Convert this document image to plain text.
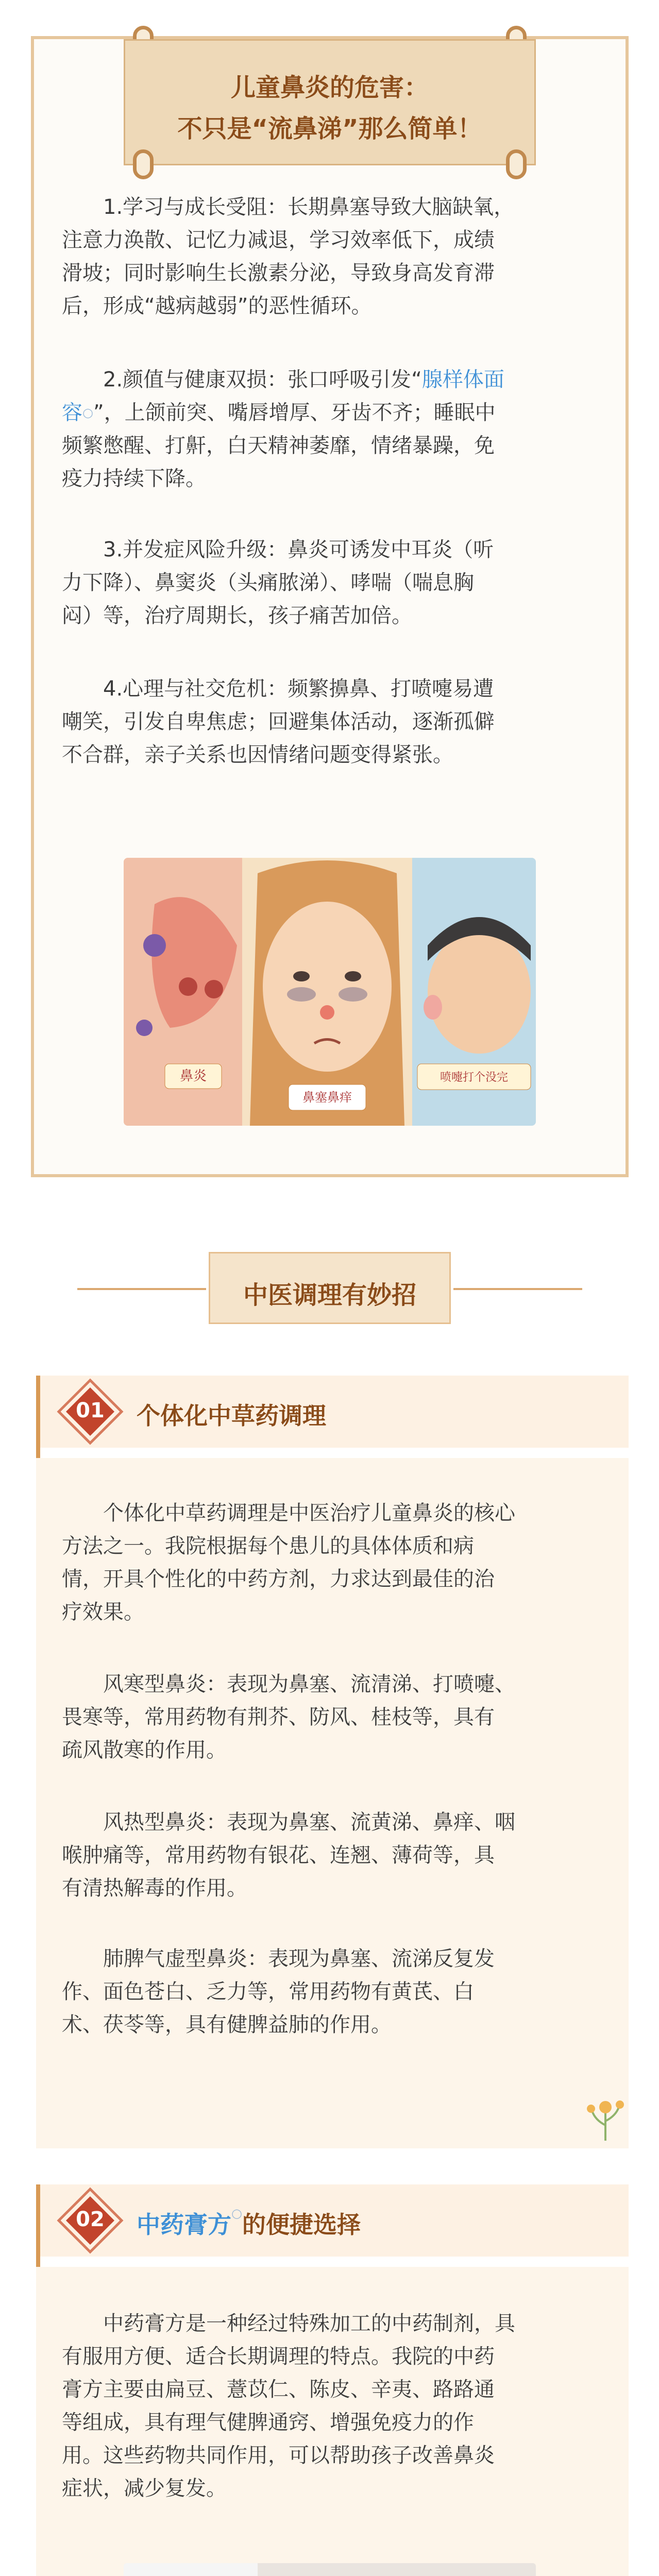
儿童鼻炎的危害：
不只是“流鼻涕”那么简单！

1.学习与成长受阻：长期鼻塞导致大脑缺氧，

注意力涣散、记忆力减退，学习效率低下，成绩

滑坡；同时影响生长激素分泌，导致身高发育滞

后，形成“越病越弱”的恶性循环。

2.颜值与健康双损：张口呼吸引发“腺样体面

容○”，上颌前突、嘴唇增厚、牙齿不齐；睡眠中

频繁憋醒、打鼾，白天精神萎靡，情绪暴躁，免

疫力持续下降。

3.并发症风险升级：鼻炎可诱发中耳炎（听

力下降）、鼻窦炎（头痛脓涕）、哮喘（喘息胸

闷）等，治疗周期长，孩子痛苦加倍。

4.心理与社交危机：频繁擤鼻、打喷嚏易遭

嘲笑，引发自卑焦虑；回避集体活动，逐渐孤僻

不合群，亲子关系也因情绪问题变得紧张。

鼻炎
鼻塞鼻痒
喷嚏打个没完
中医调理有妙招
01	个体化中草药调理

个体化中草药调理是中医治疗儿童鼻炎的核心

方法之一。我院根据每个患儿的具体体质和病

情，开具个性化的中药方剂，力求达到最佳的治

疗效果。

风寒型鼻炎：表现为鼻塞、流清涕、打喷嚏、

畏寒等，常用药物有荆芥、防风、桂枝等，具有

疏风散寒的作用。

风热型鼻炎：表现为鼻塞、流黄涕、鼻痒、咽

喉肿痛等，常用药物有银花、连翘、薄荷等，具

有清热解毒的作用。

肺脾气虚型鼻炎：表现为鼻塞、流涕反复发

作、面色苍白、乏力等，常用药物有黄芪、白

术、茯苓等，具有健脾益肺的作用。

02	中药膏方○的便捷选择

中药膏方是一种经过特殊加工的中药制剂，具

有服用方便、适合长期调理的特点。我院的中药

膏方主要由扁豆、薏苡仁、陈皮、辛夷、路路通

等组成，具有理气健脾通窍、增强免疫力的作

用。这些药物共同作用，可以帮助孩子改善鼻炎

症状，减少复发。
